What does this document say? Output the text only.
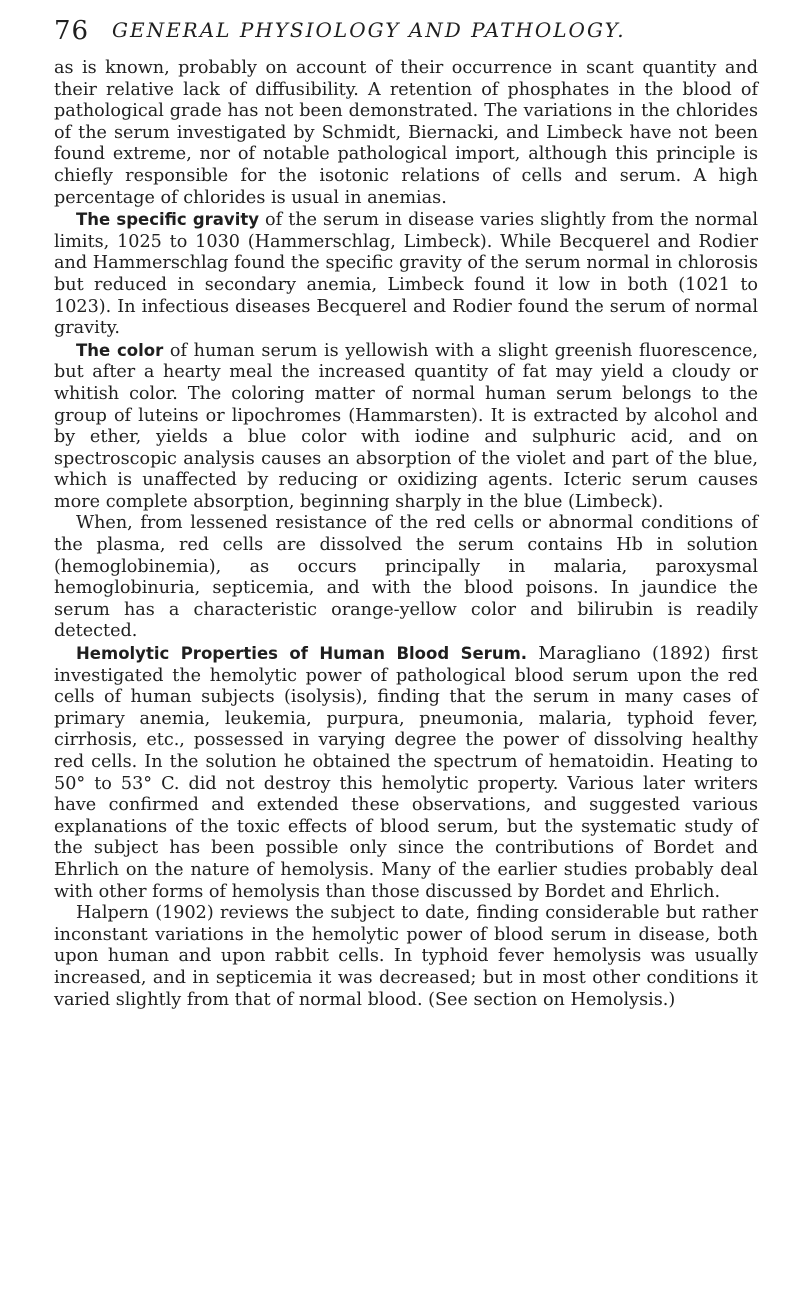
76 GENERAL PHYSIOLOGY AND PATHOLOGY.

as is known, probably on account of their occurrence in scant quantity and their relative lack of diffusibility. A retention of phosphates in the blood of pathological grade has not been demonstrated. The variations in the chlorides of the serum investigated by Schmidt, Biernacki, and Limbeck have not been found extreme, nor of notable pathological import, although this principle is chiefly responsible for the isotonic relations of cells and serum. A high percentage of chlorides is usual in anemias.

The specific gravity of the serum in disease varies slightly from the normal limits, 1025 to 1030 (Hammerschlag, Limbeck). While Becquerel and Rodier and Hammerschlag found the specific gravity of the serum normal in chlorosis but reduced in secondary anemia, Limbeck found it low in both (1021 to 1023). In infectious diseases Becquerel and Rodier found the serum of normal gravity.

The color of human serum is yellowish with a slight greenish fluorescence, but after a hearty meal the increased quantity of fat may yield a cloudy or whitish color. The coloring matter of normal human serum belongs to the group of luteins or lipochromes (Hammarsten). It is extracted by alcohol and by ether, yields a blue color with iodine and sulphuric acid, and on spectroscopic analysis causes an absorption of the violet and part of the blue, which is unaffected by reducing or oxidizing agents. Icteric serum causes more complete absorption, beginning sharply in the blue (Limbeck).

When, from lessened resistance of the red cells or abnormal conditions of the plasma, red cells are dissolved the serum contains Hb in solution (hemoglobinemia), as occurs principally in malaria, paroxysmal hemoglobinuria, septicemia, and with the blood poisons. In jaundice the serum has a characteristic orange-yellow color and bilirubin is readily detected.

Hemolytic Properties of Human Blood Serum. Maragliano (1892) first investigated the hemolytic power of pathological blood serum upon the red cells of human subjects (isolysis), finding that the serum in many cases of primary anemia, leukemia, purpura, pneumonia, malaria, typhoid fever, cirrhosis, etc., possessed in varying degree the power of dissolving healthy red cells. In the solution he obtained the spectrum of hematoidin. Heating to 50° to 53° C. did not destroy this hemolytic property. Various later writers have confirmed and extended these observations, and suggested various explanations of the toxic effects of blood serum, but the systematic study of the subject has been possible only since the contributions of Bordet and Ehrlich on the nature of hemolysis. Many of the earlier studies probably deal with other forms of hemolysis than those discussed by Bordet and Ehrlich.

Halpern (1902) reviews the subject to date, finding considerable but rather inconstant variations in the hemolytic power of blood serum in disease, both upon human and upon rabbit cells. In typhoid fever hemolysis was usually increased, and in septicemia it was decreased; but in most other conditions it varied slightly from that of normal blood. (See section on Hemolysis.)
